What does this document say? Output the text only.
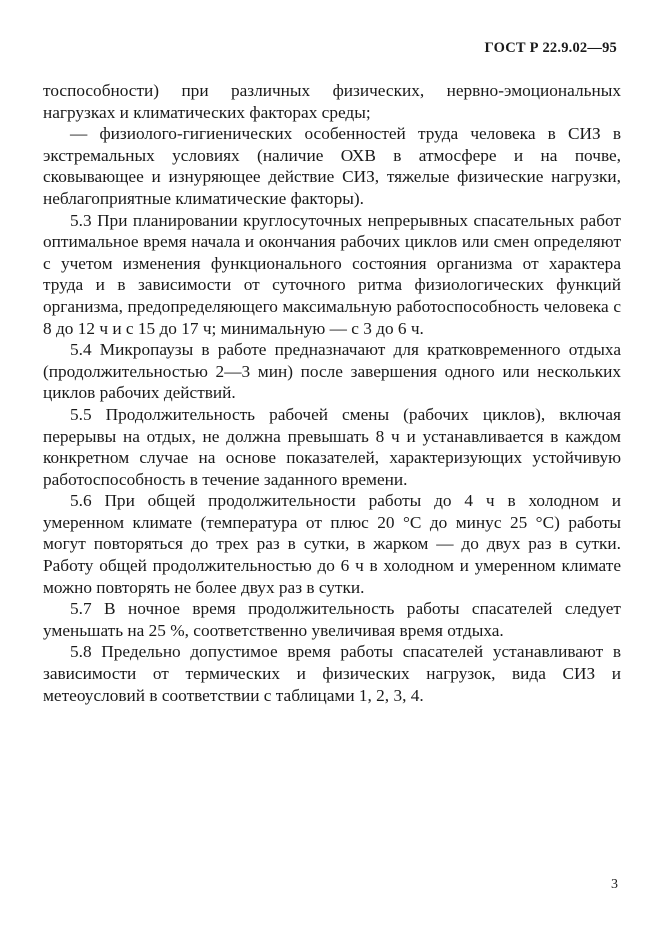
ГОСТ Р 22.9.02—95

тоспособности) при различных физических, нервно-эмоциональных нагрузках и климатических факторах среды;

— физиолого-гигиенических особенностей труда человека в СИЗ в экстремальных условиях (наличие ОХВ в атмосфере и на почве, сковывающее и изнуряющее действие СИЗ, тяжелые физические нагрузки, неблагоприятные климатические факторы).

5.3 При планировании круглосуточных непрерывных спасательных работ оптимальное время начала и окончания рабочих циклов или смен определяют с учетом изменения функционального состояния организма от характера труда и в зависимости от суточного ритма физиологических функций организма, предопределяющего максимальную работоспособность человека с 8 до 12 ч и с 15 до 17 ч; минимальную — с 3 до 6 ч.

5.4 Микропаузы в работе предназначают для кратковременного отдыха (продолжительностью 2—3 мин) после завершения одного или нескольких циклов рабочих действий.

5.5 Продолжительность рабочей смены (рабочих циклов), включая перерывы на отдых, не должна превышать 8 ч и устанавливается в каждом конкретном случае на основе показателей, характеризующих устойчивую работоспособность в течение заданного времени.

5.6 При общей продолжительности работы до 4 ч в холодном и умеренном климате (температура от плюс 20 °С до минус 25 °С) работы могут повторяться до трех раз в сутки, в жарком — до двух раз в сутки. Работу общей продолжительностью до 6 ч в холодном и умеренном климате можно повторять не более двух раз в сутки.

5.7 В ночное время продолжительность работы спасателей следует уменьшать на 25 %, соответственно увеличивая время отдыха.

5.8 Предельно допустимое время работы спасателей устанавливают в зависимости от термических и физических нагрузок, вида СИЗ и метеоусловий в соответствии с таблицами 1, 2, 3, 4.

3
